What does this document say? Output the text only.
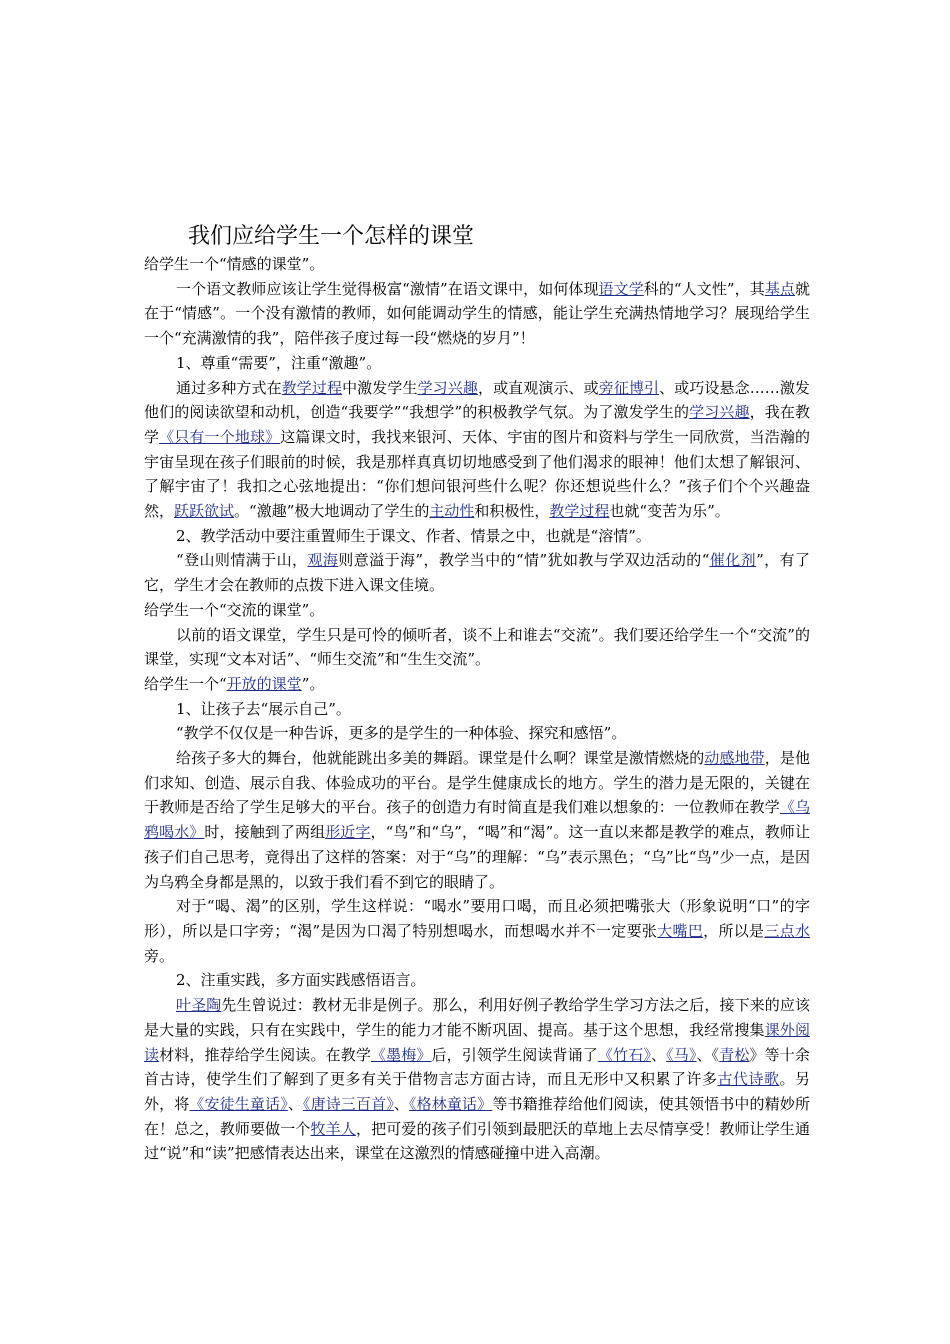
我们应给学生一个怎样的课堂

给学生一个“情感的课堂”。

一个语文教师应该让学生觉得极富“激情”在语文课中，如何体现语文学科的“人文性”，其基点就在于“情感”。一个没有激情的教师，如何能调动学生的情感，能让学生充满热情地学习？展现给学生一个“充满激情的我”，陪伴孩子度过每一段“燃烧的岁月”！

1、尊重“需要”，注重“激趣”。

通过多种方式在教学过程中激发学生学习兴趣，或直观演示、或旁征博引、或巧设悬念……激发他们的阅读欲望和动机，创造“我要学”“我想学”的积极教学气氛。为了激发学生的学习兴趣，我在教学《只有一个地球》这篇课文时，我找来银河、天体、宇宙的图片和资料与学生一同欣赏，当浩瀚的宇宙呈现在孩子们眼前的时候，我是那样真真切切地感受到了他们渴求的眼神！他们太想了解银河、了解宇宙了！我扣之心弦地提出：“你们想问银河些什么呢？你还想说些什么？”孩子们个个兴趣盎然，跃跃欲试。“激趣”极大地调动了学生的主动性和积极性，教学过程也就“变苦为乐”。

2、教学活动中要注重置师生于课文、作者、情景之中，也就是“溶情”。

“登山则情满于山，观海则意溢于海”，教学当中的“情”犹如教与学双边活动的“催化剂”，有了它，学生才会在教师的点拨下进入课文佳境。

给学生一个“交流的课堂”。

以前的语文课堂，学生只是可怜的倾听者，谈不上和谁去“交流”。我们要还给学生一个“交流”的课堂，实现“文本对话”、“师生交流”和“生生交流”。

给学生一个“开放的课堂”。

1、让孩子去“展示自己”。

“教学不仅仅是一种告诉，更多的是学生的一种体验、探究和感悟”。

给孩子多大的舞台，他就能跳出多美的舞蹈。课堂是什么啊？课堂是激情燃烧的动感地带，是他们求知、创造、展示自我、体验成功的平台。是学生健康成长的地方。学生的潜力是无限的，关键在于教师是否给了学生足够大的平台。孩子的创造力有时简直是我们难以想象的：一位教师在教学《乌鸦喝水》时，接触到了两组形近字，“鸟”和“乌”，“喝”和“渴”。这一直以来都是教学的难点，教师让孩子们自己思考，竟得出了这样的答案：对于“乌”的理解：“乌”表示黑色；“乌”比“鸟”少一点，是因为乌鸦全身都是黑的，以致于我们看不到它的眼睛了。

对于“喝、渴”的区别，学生这样说：“喝水”要用口喝，而且必须把嘴张大（形象说明“口”的字形），所以是口字旁；“渴”是因为口渴了特别想喝水，而想喝水并不一定要张大嘴巴，所以是三点水旁。

2、注重实践，多方面实践感悟语言。

叶圣陶先生曾说过：教材无非是例子。那么，利用好例子教给学生学习方法之后，接下来的应该是大量的实践，只有在实践中，学生的能力才能不断巩固、提高。基于这个思想，我经常搜集课外阅读材料，推荐给学生阅读。在教学《墨梅》后，引领学生阅读背诵了《竹石》、《马》、《青松》等十余首古诗，使学生们了解到了更多有关于借物言志方面古诗，而且无形中又积累了许多古代诗歌。另外，将《安徒生童话》、《唐诗三百首》、《格林童话》等书籍推荐给他们阅读，使其领悟书中的精妙所在！总之，教师要做一个牧羊人，把可爱的孩子们引领到最肥沃的草地上去尽情享受！教师让学生通过“说”和“读”把感情表达出来，课堂在这激烈的情感碰撞中进入高潮。
